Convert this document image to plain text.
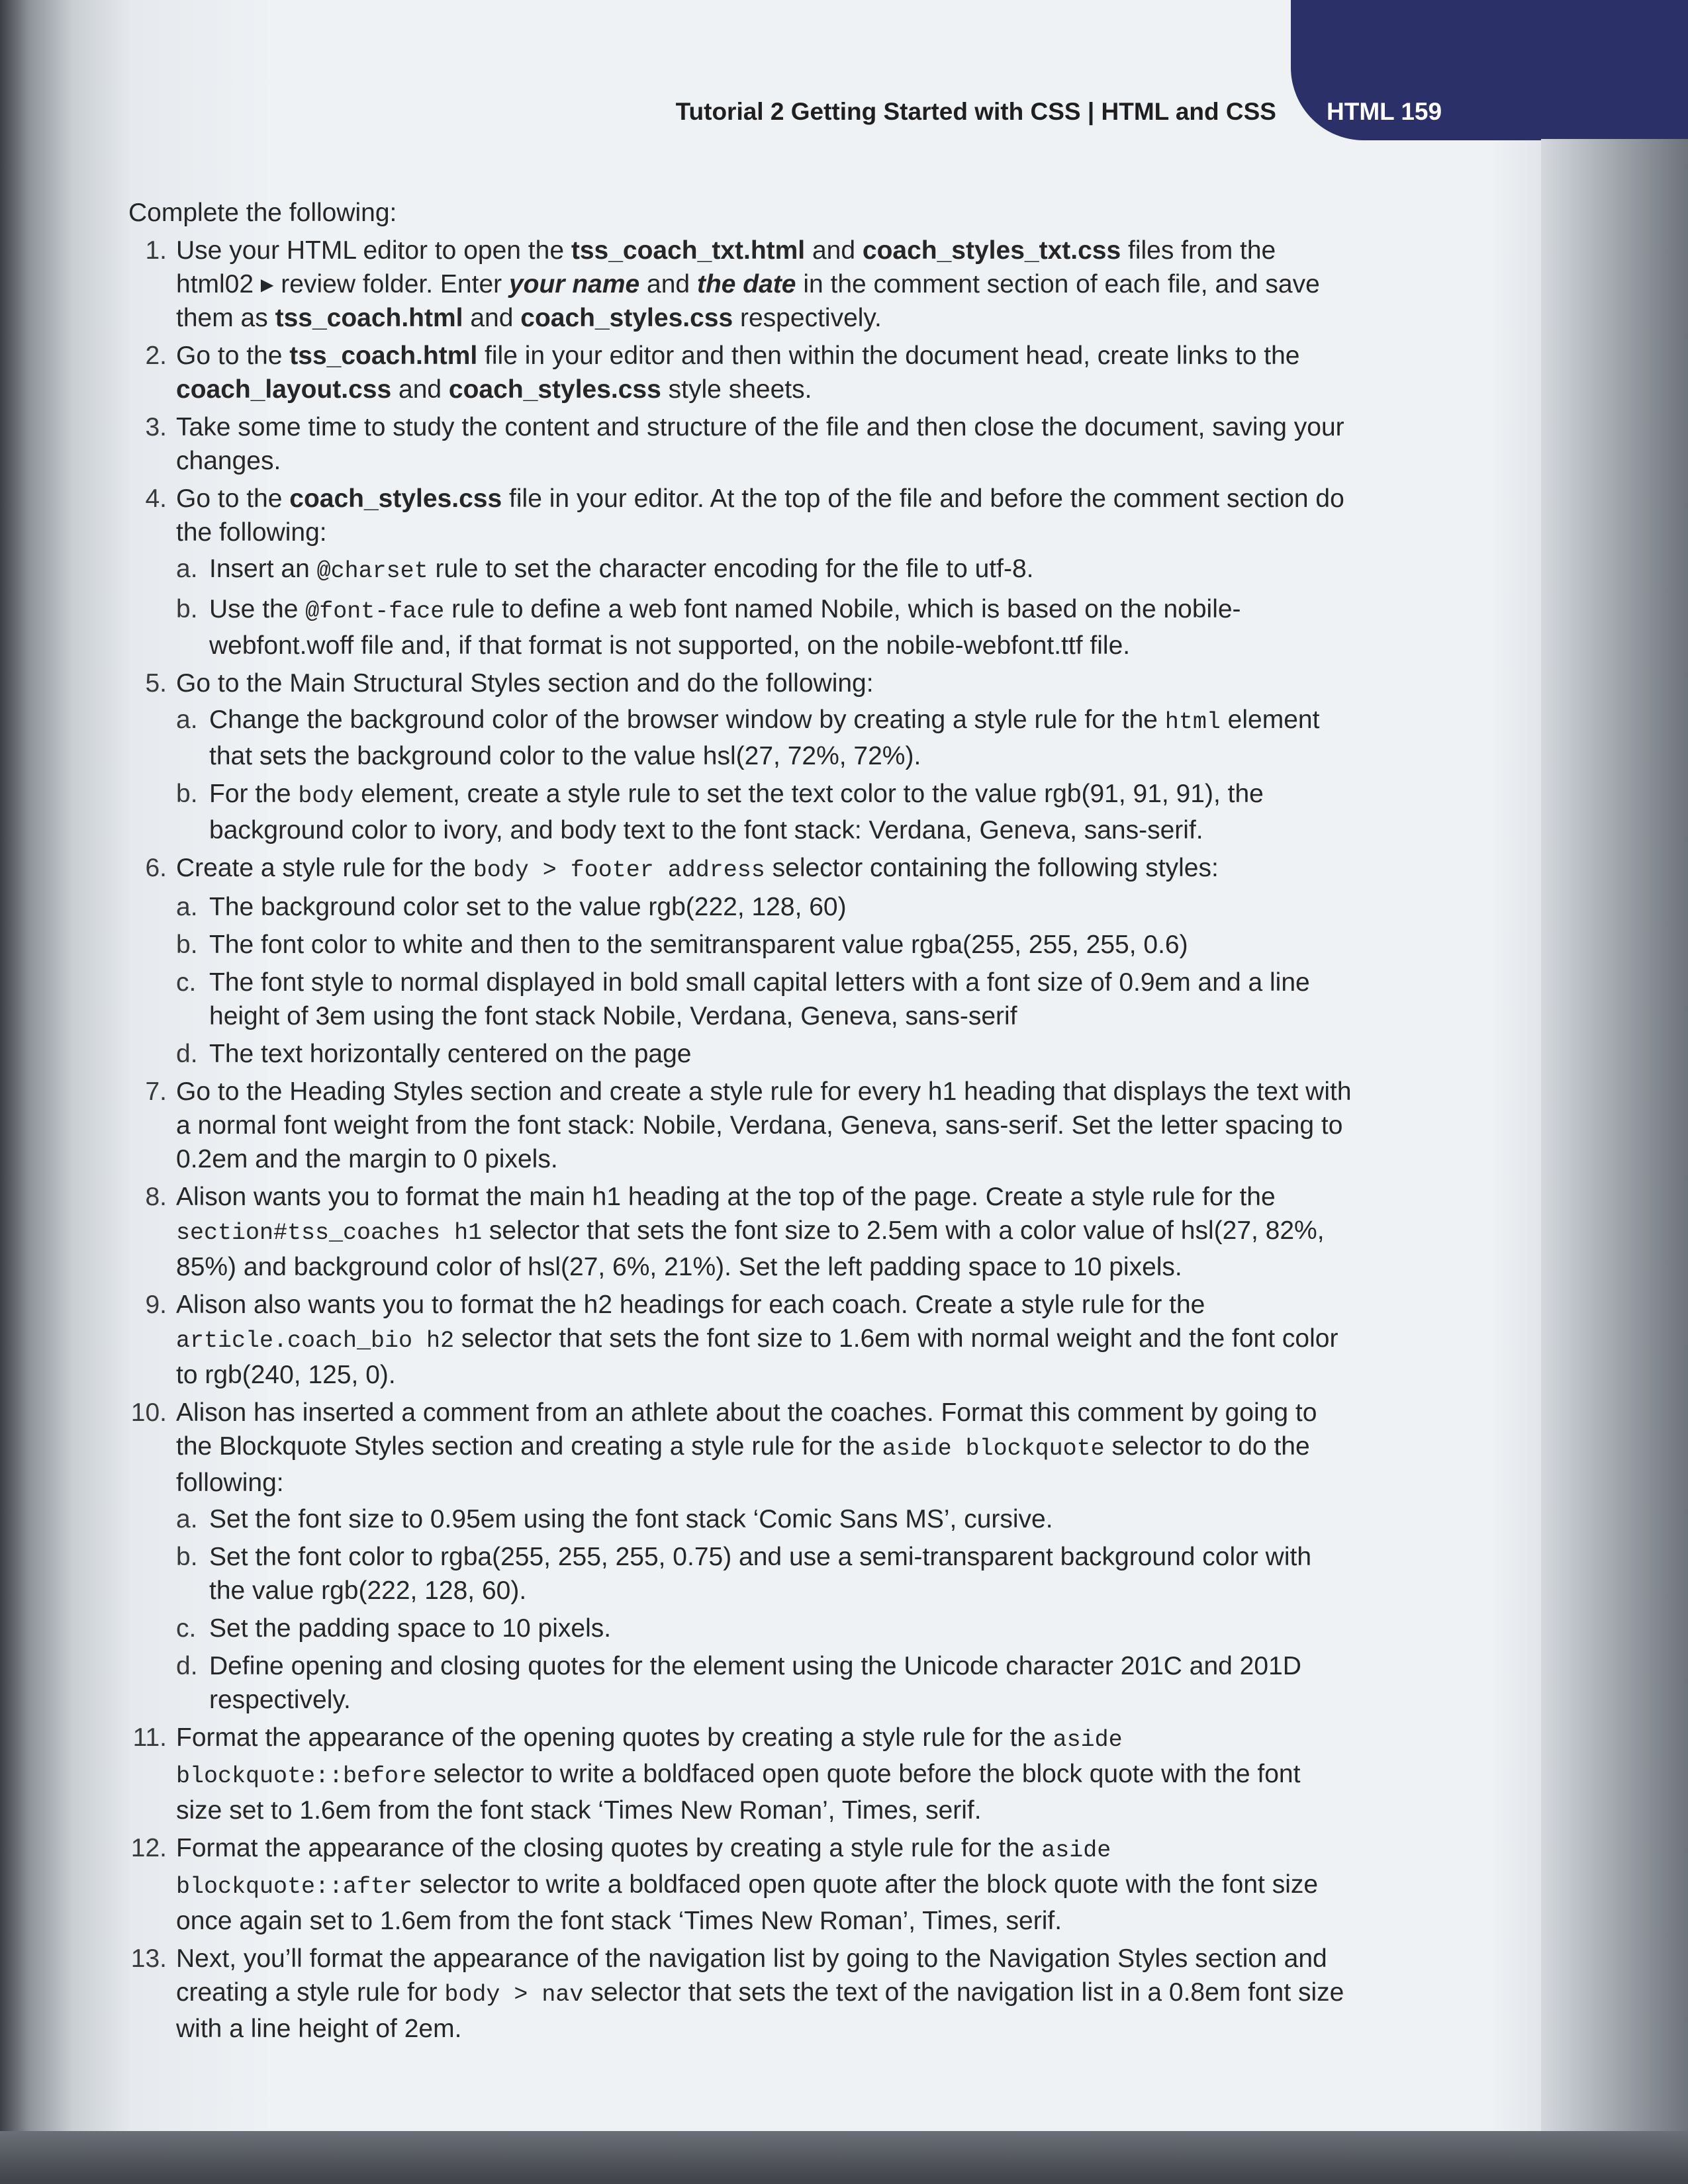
Tutorial 2 Getting Started with CSS | HTML and CSS HTML 159

Complete the following:

1. Use your HTML editor to open the tss_coach_txt.html and coach_styles_txt.css files from the html02 ▸ review folder. Enter your name and the date in the comment section of each file, and save them as tss_coach.html and coach_styles.css respectively.
2. Go to the tss_coach.html file in your editor and then within the document head, create links to the coach_layout.css and coach_styles.css style sheets.
3. Take some time to study the content and structure of the file and then close the document, saving your changes.
4. Go to the coach_styles.css file in your editor. At the top of the file and before the comment section do the following:
a. Insert an @charset rule to set the character encoding for the file to utf-8.
b. Use the @font-face rule to define a web font named Nobile, which is based on the nobile-webfont.woff file and, if that format is not supported, on the nobile-webfont.ttf file.
5. Go to the Main Structural Styles section and do the following:
a. Change the background color of the browser window by creating a style rule for the html element that sets the background color to the value hsl(27, 72%, 72%).
b. For the body element, create a style rule to set the text color to the value rgb(91, 91, 91), the background color to ivory, and body text to the font stack: Verdana, Geneva, sans-serif.
6. Create a style rule for the body > footer address selector containing the following styles:
a. The background color set to the value rgb(222, 128, 60)
b. The font color to white and then to the semitransparent value rgba(255, 255, 255, 0.6)
c. The font style to normal displayed in bold small capital letters with a font size of 0.9em and a line height of 3em using the font stack Nobile, Verdana, Geneva, sans-serif
d. The text horizontally centered on the page
7. Go to the Heading Styles section and create a style rule for every h1 heading that displays the text with a normal font weight from the font stack: Nobile, Verdana, Geneva, sans-serif. Set the letter spacing to 0.2em and the margin to 0 pixels.
8. Alison wants you to format the main h1 heading at the top of the page. Create a style rule for the section#tss_coaches h1 selector that sets the font size to 2.5em with a color value of hsl(27, 82%, 85%) and background color of hsl(27, 6%, 21%). Set the left padding space to 10 pixels.
9. Alison also wants you to format the h2 headings for each coach. Create a style rule for the article.coach_bio h2 selector that sets the font size to 1.6em with normal weight and the font color to rgb(240, 125, 0).
10. Alison has inserted a comment from an athlete about the coaches. Format this comment by going to the Blockquote Styles section and creating a style rule for the aside blockquote selector to do the following:
a. Set the font size to 0.95em using the font stack ‘Comic Sans MS’, cursive.
b. Set the font color to rgba(255, 255, 255, 0.75) and use a semi-transparent background color with the value rgb(222, 128, 60).
c. Set the padding space to 10 pixels.
d. Define opening and closing quotes for the element using the Unicode character 201C and 201D respectively.
11. Format the appearance of the opening quotes by creating a style rule for the aside blockquote::before selector to write a boldfaced open quote before the block quote with the font size set to 1.6em from the font stack ‘Times New Roman’, Times, serif.
12. Format the appearance of the closing quotes by creating a style rule for the aside blockquote::after selector to write a boldfaced open quote after the block quote with the font size once again set to 1.6em from the font stack ‘Times New Roman’, Times, serif.
13. Next, you’ll format the appearance of the navigation list by going to the Navigation Styles section and creating a style rule for body > nav selector that sets the text of the navigation list in a 0.8em font size with a line height of 2em.
